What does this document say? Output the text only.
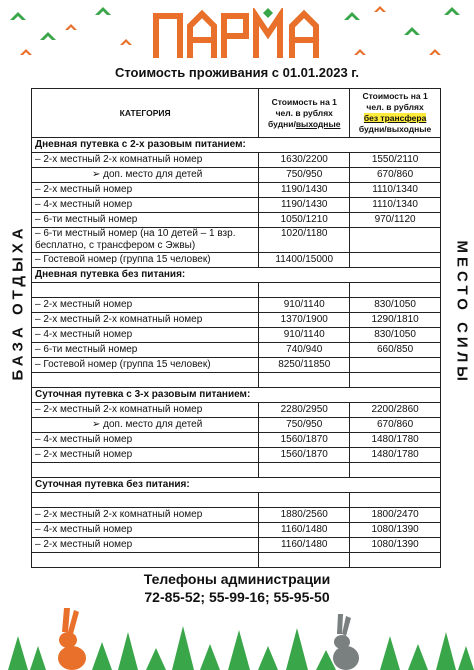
Стоимость проживания с 01.01.2023 г.
БАЗА ОТДЫХА	МЕСТО СИЛЫ
КАТЕГОРИЯ	Стоимость на 1 чел. в рублях будни/выходные	Стоимость на 1 чел. в рублях
без трансфера
будни/выходные
Дневная путевка с 2-х разовым питанием:		
– 2-х местный 2-х комнатный номер	1630/2200	1550/2110
➢ доп. место для детей	750/950	670/860
– 2-х местный номер	1190/1430	1110/1340
– 4-х местный номер	1190/1430	1110/1340
– 6-ти местный номер	1050/1210	970/1120
– 6-ти местный номер (на 10 детей – 1 взр. бесплатно, с трансфером с Эжвы)	1020/1180	
– Гостевой номер (группа 15 человек)	11400/15000	
Дневная путевка без питания:		

– 2-х местный номер	910/1140	830/1050
– 2-х местный 2-х комнатный номер	1370/1900	1290/1810
– 4-х местный номер	910/1140	830/1050
– 6-ти местный номер	740/940	660/850
– Гостевой номер (группа 15 человек)	8250/11850	

Суточная путевка с 3-х разовым питанием:		
– 2-х местный 2-х комнатный номер	2280/2950	2200/2860
➢ доп. место для детей	750/950	670/860
– 4-х местный номер	1560/1870	1480/1780
– 2-х местный номер	1560/1870	1480/1780

Суточная путевка без питания:		

– 2-х местный 2-х комнатный номер	1880/2560	1800/2470
– 4-х местный номер	1160/1480	1080/1390
– 2-х местный номер	1160/1480	1080/1390

Телефоны администрации
72-85-52; 55-99-16; 55-95-50
